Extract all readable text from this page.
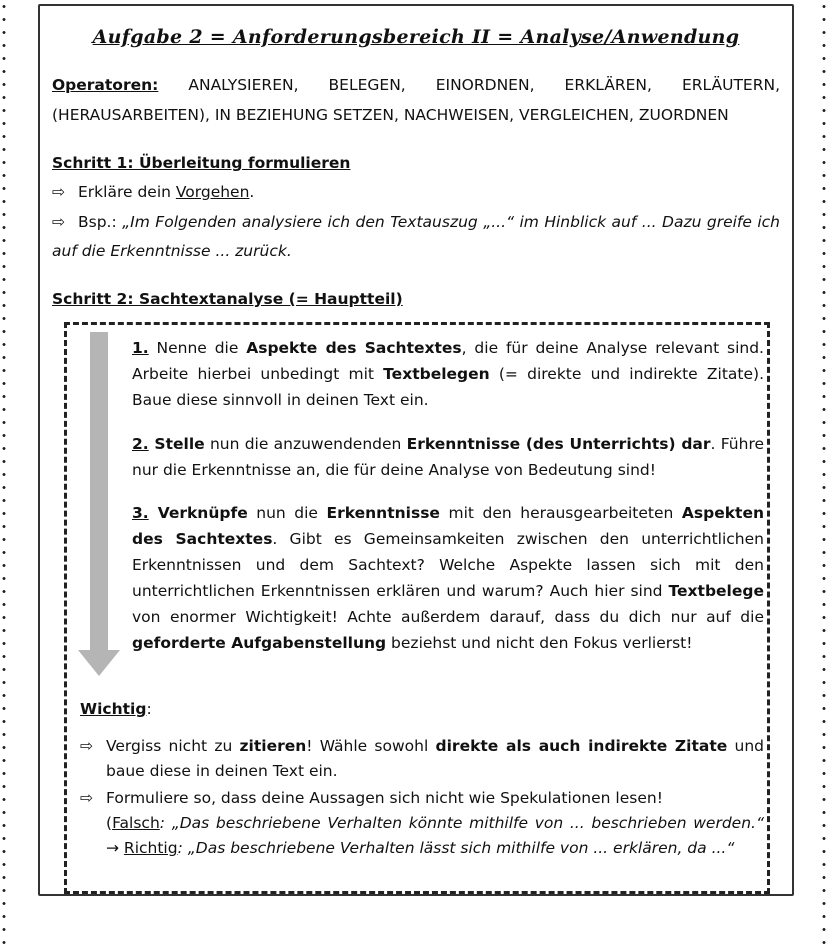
Aufgabe 2 = Anforderungsbereich II = Analyse/Anwendung
Operatoren: ANALYSIEREN, BELEGEN, EINORDNEN, ERKLÄREN, ERLÄUTERN, (HERAUSARBEITEN), IN BEZIEHUNG SETZEN, NACHWEISEN, VERGLEICHEN, ZUORDNEN
Schritt 1: Überleitung formulieren
⇨ Erkläre dein Vorgehen.
⇨ Bsp.: „Im Folgenden analysiere ich den Textauszug „...“ im Hinblick auf ... Dazu greife ich auf die Erkenntnisse ... zurück.
Schritt 2: Sachtextanalyse (= Hauptteil)
1. Nenne die Aspekte des Sachtextes, die für deine Analyse relevant sind. Arbeite hierbei unbedingt mit Textbelegen (= direkte und indirekte Zitate). Baue diese sinnvoll in deinen Text ein.
2. Stelle nun die anzuwendenden Erkenntnisse (des Unterrichts) dar. Führe nur die Erkenntnisse an, die für deine Analyse von Bedeutung sind!
3. Verknüpfe nun die Erkenntnisse mit den herausgearbeiteten Aspekten des Sachtextes. Gibt es Gemeinsamkeiten zwischen den unterrichtlichen Erkenntnissen und dem Sachtext? Welche Aspekte lassen sich mit den unterrichtlichen Erkenntnissen erklären und warum? Auch hier sind Textbelege von enormer Wichtigkeit! Achte außerdem darauf, dass du dich nur auf die geforderte Aufgabenstellung beziehst und nicht den Fokus verlierst!
Wichtig:
⇨ Vergiss nicht zu zitieren! Wähle sowohl direkte als auch indirekte Zitate und baue diese in deinen Text ein.
⇨ Formuliere so, dass deine Aussagen sich nicht wie Spekulationen lesen!
(Falsch: „Das beschriebene Verhalten könnte mithilfe von ... beschrieben werden.“ → Richtig: „Das beschriebene Verhalten lässt sich mithilfe von ... erklären, da ...“
